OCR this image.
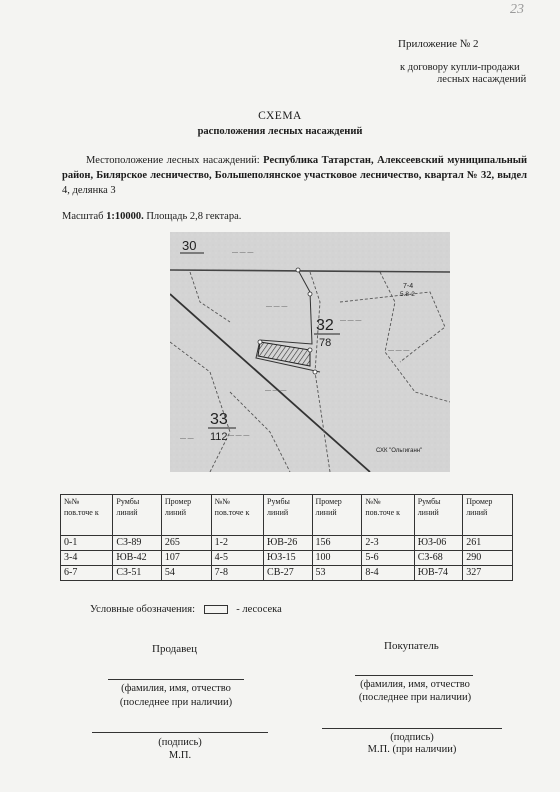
23
Приложение № 2
к договору купли-продажи
лесных насаждений
СХЕМА
расположения лесных насаждений
Местоположение лесных насаждений: Республика Татарстан, Алексеевский муниципальный район, Билярское лесничество, Большеполянское участковое лесничество, квартал № 32, выдел 4, делянка 3
Масштаб 1:10000. Площадь 2,8 гектара.
— — —
— — —
— — —
— — —
— — —
— — —
— —
30
32
78
33
112
7-4
5.8-2
СХК "Ольгиганн"
№№ пов.точе к	Румбы линий	Промер линий	№№ пов.точе к	Румбы линий	Промер линий	№№ пов.точе к	Румбы линий	Промер линий
0-1	СЗ-89	265	1-2	ЮВ-26	156	2-3	ЮЗ-06	261
3-4	ЮВ-42	107	4-5	ЮЗ-15	100	5-6	СЗ-68	290
6-7	СЗ-51	54	7-8	СВ-27	53	8-4	ЮВ-74	327
Условные обозначения:	- лесосека
Продавец
(фамилия, имя, отчество
(последнее при наличии)
(подпись)
М.П.
Покупатель
(фамилия, имя, отчество
(последнее при наличии)
(подпись)
М.П. (при наличии)
